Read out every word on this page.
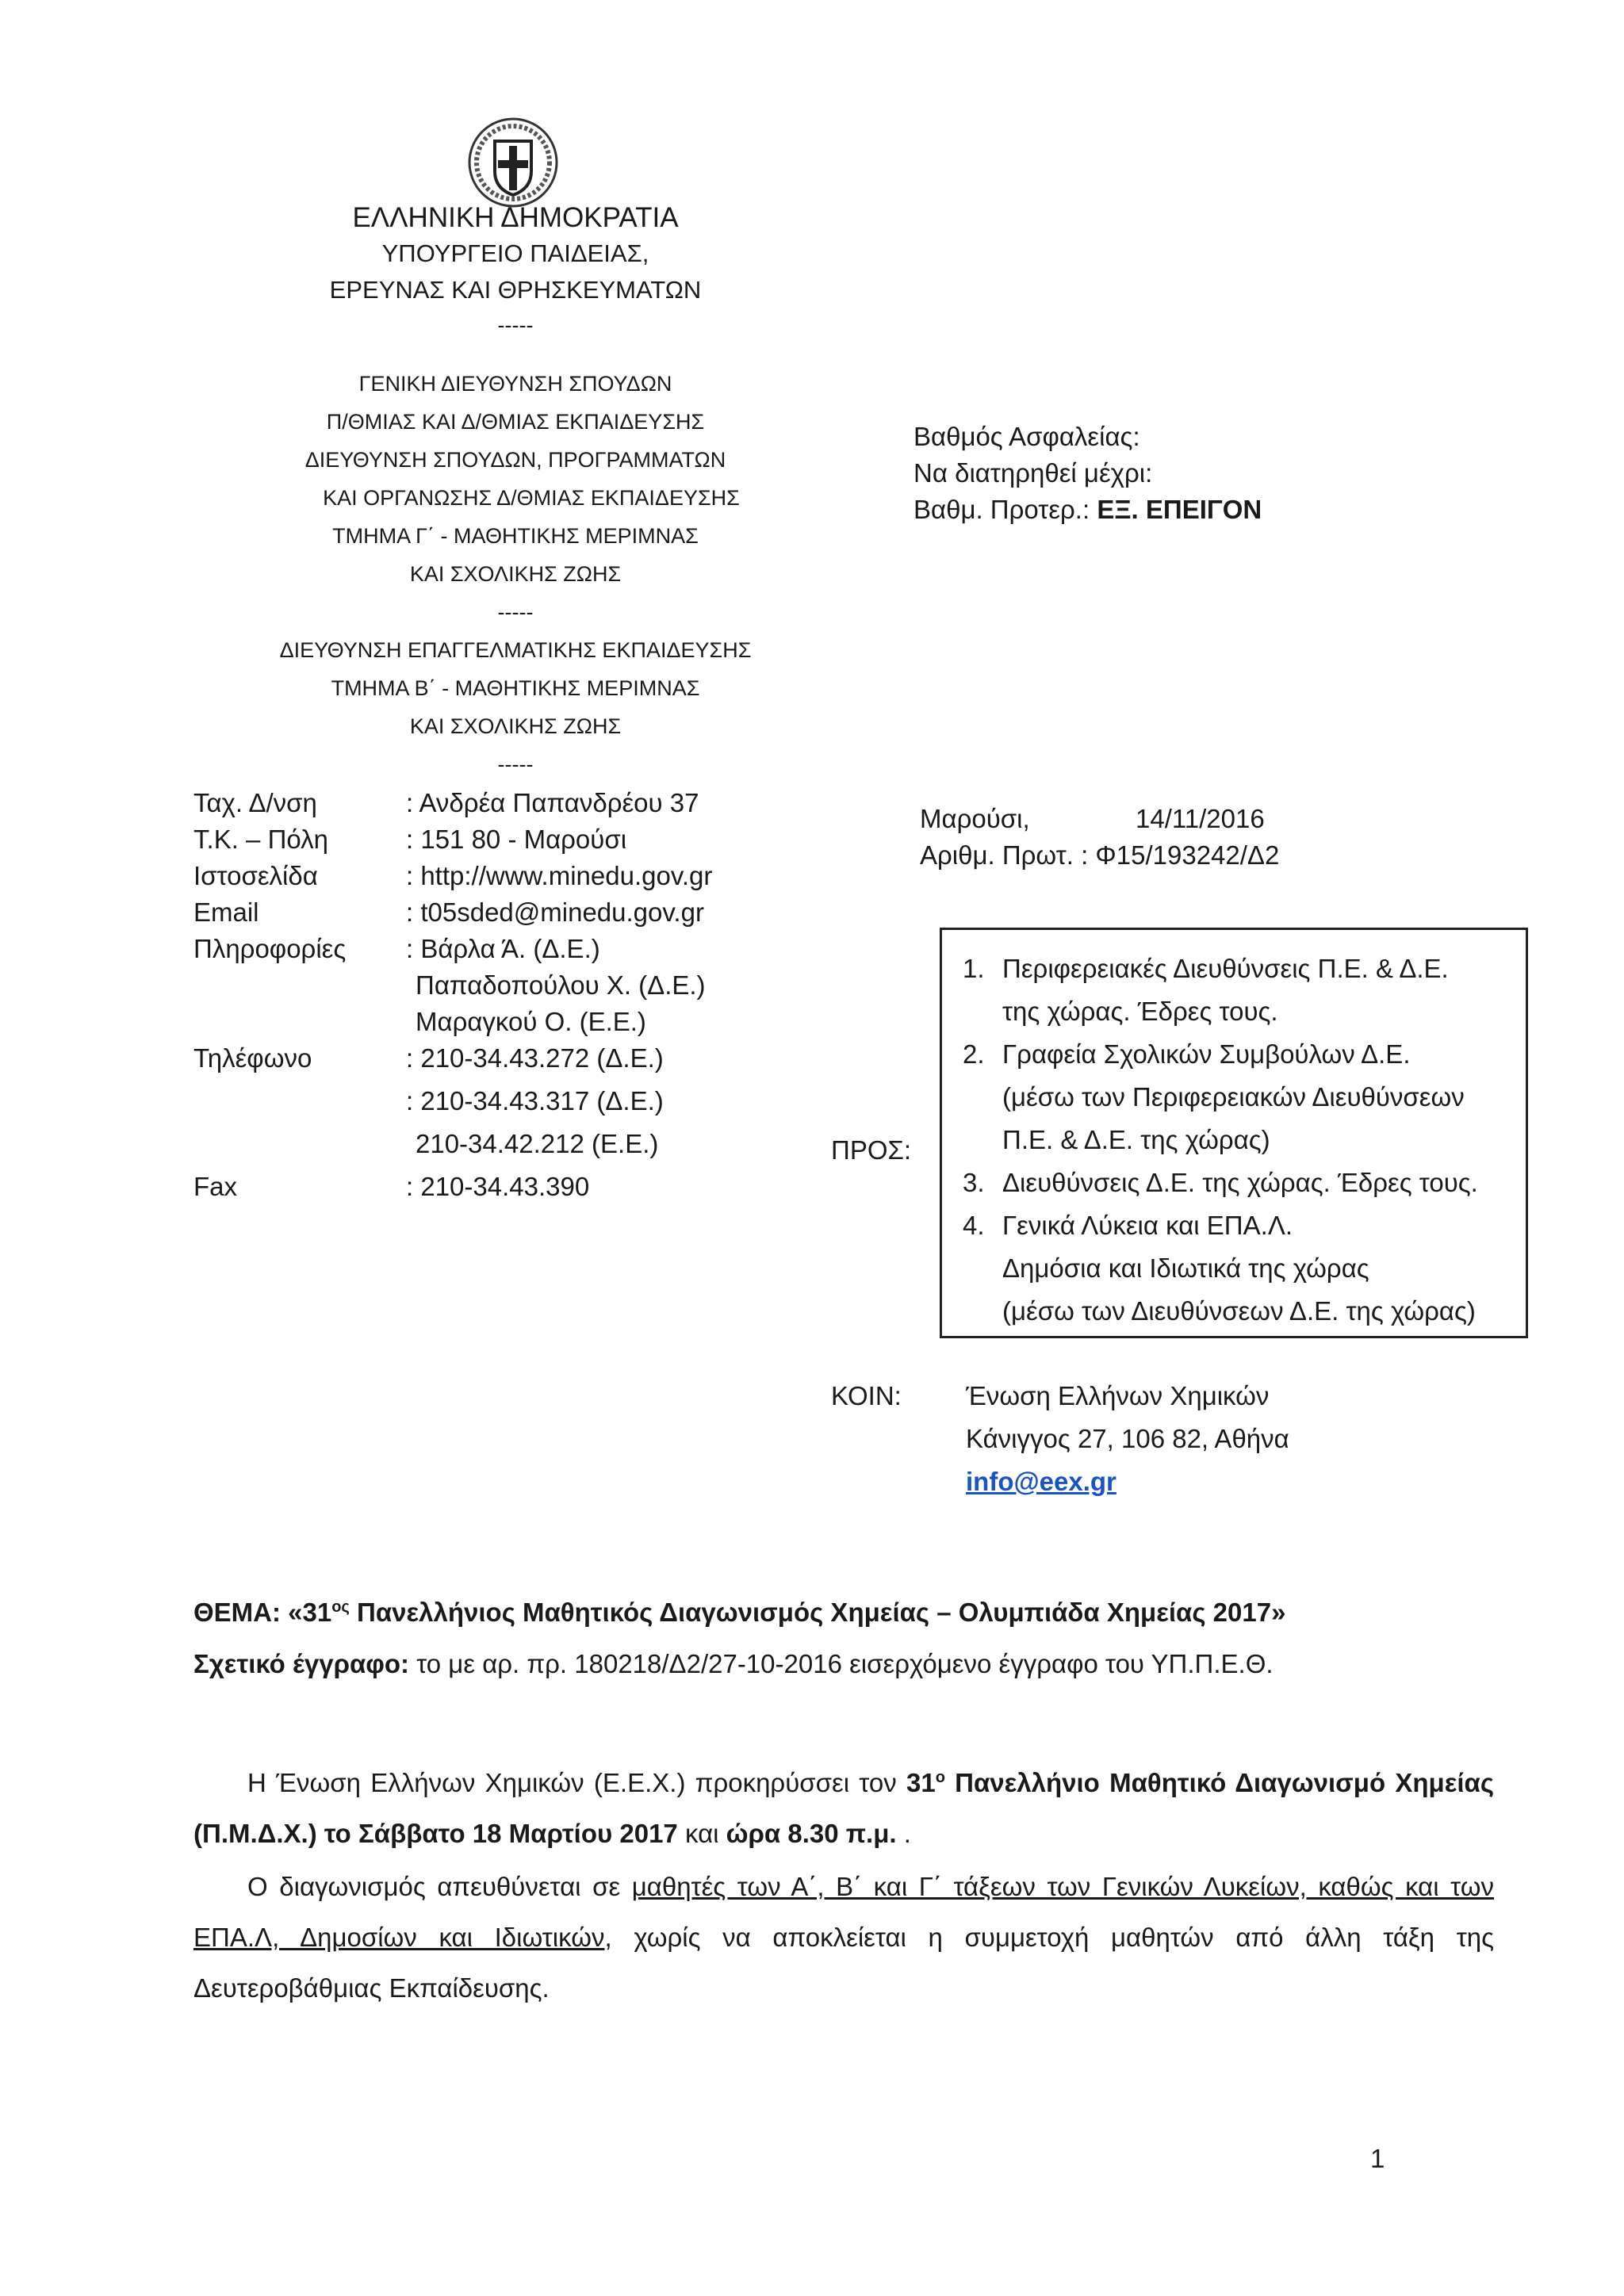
ΕΛΛΗΝΙΚΗ ΔΗΜΟΚΡΑΤΙΑ
ΥΠΟΥΡΓΕΙΟ ΠΑΙΔΕΙΑΣ,
ΕΡΕΥΝΑΣ ΚΑΙ ΘΡΗΣΚΕΥΜΑΤΩΝ
-----
ΓΕΝΙΚΗ ΔΙΕΥΘΥΝΣΗ ΣΠΟΥΔΩΝ
Π/ΘΜΙΑΣ ΚΑΙ Δ/ΘΜΙΑΣ ΕΚΠΑΙΔΕΥΣΗΣ
ΔΙΕΥΘΥΝΣΗ ΣΠΟΥΔΩΝ, ΠΡΟΓΡΑΜΜΑΤΩΝ
ΚΑΙ ΟΡΓΑΝΩΣΗΣ Δ/ΘΜΙΑΣ ΕΚΠΑΙΔΕΥΣΗΣ
ΤΜΗΜΑ Γ΄ - ΜΑΘΗΤΙΚΗΣ ΜΕΡΙΜΝΑΣ
ΚΑΙ ΣΧΟΛΙΚΗΣ ΖΩΗΣ
-----
ΔΙΕΥΘΥΝΣΗ ΕΠΑΓΓΕΛΜΑΤΙΚΗΣ ΕΚΠΑΙΔΕΥΣΗΣ
ΤΜΗΜΑ Β΄ - ΜΑΘΗΤΙΚΗΣ ΜΕΡΙΜΝΑΣ
ΚΑΙ ΣΧΟΛΙΚΗΣ ΖΩΗΣ
-----
Βαθμός Ασφαλείας:
Να διατηρηθεί μέχρι:
Βαθμ. Προτερ.: ΕΞ. ΕΠΕΙΓΟΝ
Ταχ. Δ/νση	: Ανδρέα Παπανδρέου 37
Τ.Κ. – Πόλη	: 151 80 - Μαρούσι
Ιστοσελίδα	: http://www.minedu.gov.gr
Email	: t05sded@minedu.gov.gr
Πληροφορίες : Βάρλα Ά. (Δ.Ε.)
Παπαδοπούλου Χ. (Δ.Ε.)
Μαραγκού Ο. (Ε.Ε.)
Τηλέφωνο	: 210-34.43.272 (Δ.Ε.)
: 210-34.43.317 (Δ.Ε.)
210-34.42.212 (Ε.Ε.)
Fax	: 210-34.43.390
Μαρούσι,	14/11/2016
Αριθμ. Πρωτ. : Φ15/193242/Δ2
ΠΡΟΣ:
1. Περιφερειακές Διευθύνσεις Π.Ε. & Δ.Ε.
της χώρας. Έδρες τους.
2. Γραφεία Σχολικών Συμβούλων Δ.Ε.
(μέσω των Περιφερειακών Διευθύνσεων
Π.Ε. & Δ.Ε. της χώρας)
3. Διευθύνσεις Δ.Ε. της χώρας. Έδρες τους.
4. Γενικά Λύκεια και ΕΠΑ.Λ.
Δημόσια και Ιδιωτικά της χώρας
(μέσω των Διευθύνσεων Δ.Ε. της χώρας)
ΚΟΙΝ: Ένωση Ελλήνων Χημικών
Κάνιγγος 27, 106 82, Αθήνα
info@eex.gr
ΘΕΜΑ: «$31^{o\varsigma}$ Πανελλήνιος Μαθητικός Διαγωνισμός Χημείας – Ολυμπιάδα Χημείας 2017»
Σχετικό έγγραφο: το με αρ. πρ. 180218/Δ2/27-10-2016 εισερχόμενο έγγραφο του ΥΠ.Π.Ε.Θ.
Η Ένωση Ελλήνων Χημικών (Ε.Ε.Χ.) προκηρύσσει τον $31^o$ Πανελλήνιο Μαθητικό Διαγωνισμό Χημείας (Π.Μ.Δ.Χ.) το Σάββατο 18 Μαρτίου 2017 και ώρα 8.30 π.μ. .
Ο διαγωνισμός απευθύνεται σε μαθητές των Α΄, Β΄ και Γ΄ τάξεων των Γενικών Λυκείων, καθώς και των ΕΠΑ.Λ, Δημοσίων και Ιδιωτικών, χωρίς να αποκλείεται η συμμετοχή μαθητών από άλλη τάξη της Δευτεροβάθμιας Εκπαίδευσης.
1
